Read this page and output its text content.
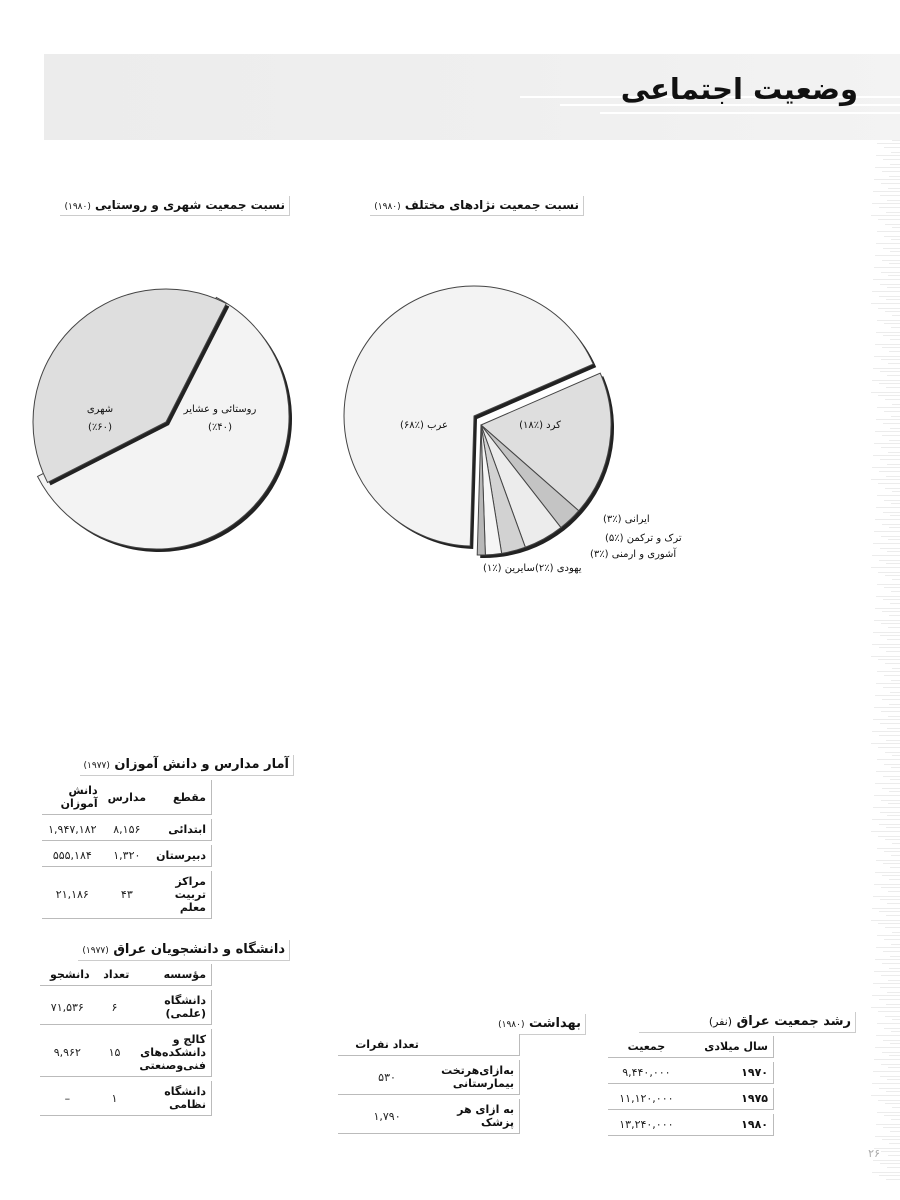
وضعیت اجتماعی
نسبت جمعیت شهری و روستایی (۱۹۸۰)	نسبت جمعیت نژادهای مختلف (۱۹۸۰)
شهری
(٪۶۰)
روستائی و عشایر
(٪۴۰)	عرب (٪۶۸)	کرد (٪۱۸)
ایرانی (٪۳)
ترک و ترکمن (٪۵)
آشوری و ارمنی (٪۳)
یهودی (٪۲)
سایرین (٪۱)
آمار مدارس و دانش آموزان (۱۹۷۷)
مقطع	مدارس	دانش آموزان
ابتدائی	۸,۱۵۶	۱,۹۴۷,۱۸۲
دبیرستان	۱,۳۲۰	۵۵۵,۱۸۴
مراکز تربیت معلم	۴۳	۲۱,۱۸۶
دانشگاه و دانشجویان عراق (۱۹۷۷)
مؤسسه	تعداد	دانشجو
دانشگاه (علمی)	۶	۷۱,۵۳۶
کالج و دانشکده‌های فنی‌وصنعتی	۱۵	۹,۹۶۲
دانشگاه نظامی	۱	–
بهداشت (۱۹۸۰)
	تعداد نفرات
به‌ازای‌هرتخت بیمارستانی	۵۳۰
به ازای هر پزشک	۱,۷۹۰
رشد جمعیت عراق (نفر)
سال میلادی	جمعیت
۱۹۷۰	۹,۴۴۰,۰۰۰
۱۹۷۵	۱۱,۱۲۰,۰۰۰
۱۹۸۰	۱۳,۲۴۰,۰۰۰
۲۶
